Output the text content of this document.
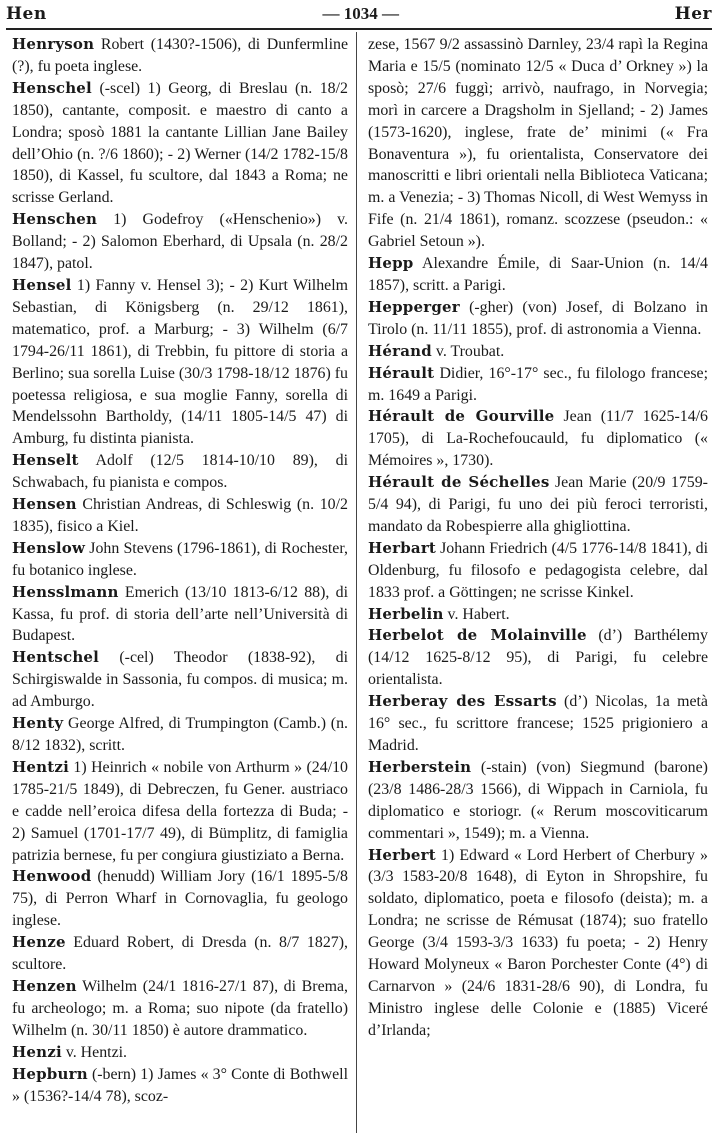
Hen	— 1034 —	Her

Henryson Robert (1430?-1506), di Dunfermline (?), fu poeta inglese.

Henschel (-scel) 1) Georg, di Breslau (n. 18/2 1850), cantante, composit. e maestro di canto a Londra; sposò 1881 la cantante Lillian Jane Bailey dell’Ohio (n. ?/6 1860); - 2) Werner (14/2 1782-15/8 1850), di Kassel, fu scultore, dal 1843 a Roma; ne scrisse Gerland.

Henschen 1) Godefroy («Henschenio») v. Bolland; - 2) Salomon Eberhard, di Upsala (n. 28/2 1847), patol.

Hensel 1) Fanny v. Hensel 3); - 2) Kurt Wilhelm Sebastian, di Königsberg (n. 29/12 1861), matematico, prof. a Marburg; - 3) Wilhelm (6/7 1794-26/11 1861), di Trebbin, fu pittore di storia a Berlino; sua sorella Luise (30/3 1798-18/12 1876) fu poetessa religiosa, e sua moglie Fanny, sorella di Mendelssohn Bartholdy, (14/11 1805-14/5 47) di Amburg, fu distinta pianista.

Henselt Adolf (12/5 1814-10/10 89), di Schwabach, fu pianista e compos.

Hensen Christian Andreas, di Schleswig (n. 10/2 1835), fisico a Kiel.

Henslow John Stevens (1796-1861), di Rochester, fu botanico inglese.

Hensslmann Emerich (13/10 1813-6/12 88), di Kassa, fu prof. di storia dell’arte nell’Università di Budapest.

Hentschel (-cel) Theodor (1838-92), di Schirgiswalde in Sassonia, fu compos. di musica; m. ad Amburgo.

Henty George Alfred, di Trumpington (Camb.) (n. 8/12 1832), scritt.

Hentzi 1) Heinrich « nobile von Arthurm » (24/10 1785-21/5 1849), di Debreczen, fu Gener. austriaco e cadde nell’eroica difesa della fortezza di Buda; - 2) Samuel (1701-17/7 49), di Bümplitz, di famiglia patrizia bernese, fu per congiura giustiziato a Berna.

Henwood (henudd) William Jory (16/1 1895-5/8 75), di Perron Wharf in Cornovaglia, fu geologo inglese.

Henze Eduard Robert, di Dresda (n. 8/7 1827), scultore.

Henzen Wilhelm (24/1 1816-27/1 87), di Brema, fu archeologo; m. a Roma; suo nipote (da fratello) Wilhelm (n. 30/11 1850) è autore drammatico.

Henzi v. Hentzi.

Hepburn (-bern) 1) James « 3° Conte di Bothwell » (1536?-14/4 78), scoz-

zese, 1567 9/2 assassinò Darnley, 23/4 rapì la Regina Maria e 15/5 (nominato 12/5 « Duca d’ Orkney ») la sposò; 27/6 fuggì; arrivò, naufrago, in Norvegia; morì in carcere a Dragsholm in Sjelland; - 2) James (1573-1620), inglese, frate de’ minimi (« Fra Bonaventura »), fu orientalista, Conservatore dei manoscritti e libri orientali nella Biblioteca Vaticana; m. a Venezia; - 3) Thomas Nicoll, di West Wemyss in Fife (n. 21/4 1861), romanz. scozzese (pseudon.: « Gabriel Setoun »).

Hepp Alexandre Émile, di Saar-Union (n. 14/4 1857), scritt. a Parigi.

Hepperger (-gher) (von) Josef, di Bolzano in Tirolo (n. 11/11 1855), prof. di astronomia a Vienna.

Hérand v. Troubat.

Hérault Didier, 16°-17° sec., fu filologo francese; m. 1649 a Parigi.

Hérault de Gourville Jean (11/7 1625-14/6 1705), di La-Rochefoucauld, fu diplomatico (« Mémoires », 1730).

Hérault de Séchelles Jean Marie (20/9 1759-5/4 94), di Parigi, fu uno dei più feroci terroristi, mandato da Robespierre alla ghigliottina.

Herbart Johann Friedrich (4/5 1776-14/8 1841), di Oldenburg, fu filosofo e pedagogista celebre, dal 1833 prof. a Göttingen; ne scrisse Kinkel.

Herbelin v. Habert.

Herbelot de Molainville (d’) Barthélemy (14/12 1625-8/12 95), di Parigi, fu celebre orientalista.

Herberay des Essarts (d’) Nicolas, 1a metà 16° sec., fu scrittore francese; 1525 prigioniero a Madrid.

Herberstein (-stain) (von) Siegmund (barone) (23/8 1486-28/3 1566), di Wippach in Carniola, fu diplomatico e storiogr. (« Rerum moscoviticarum commentari », 1549); m. a Vienna.

Herbert 1) Edward « Lord Herbert of Cherbury » (3/3 1583-20/8 1648), di Eyton in Shropshire, fu soldato, diplomatico, poeta e filosofo (deista); m. a Londra; ne scrisse de Rémusat (1874); suo fratello George (3/4 1593-3/3 1633) fu poeta; - 2) Henry Howard Molyneux « Baron Porchester Conte (4°) di Carnarvon » (24/6 1831-28/6 90), di Londra, fu Ministro inglese delle Colonie e (1885) Viceré d’Irlanda;
